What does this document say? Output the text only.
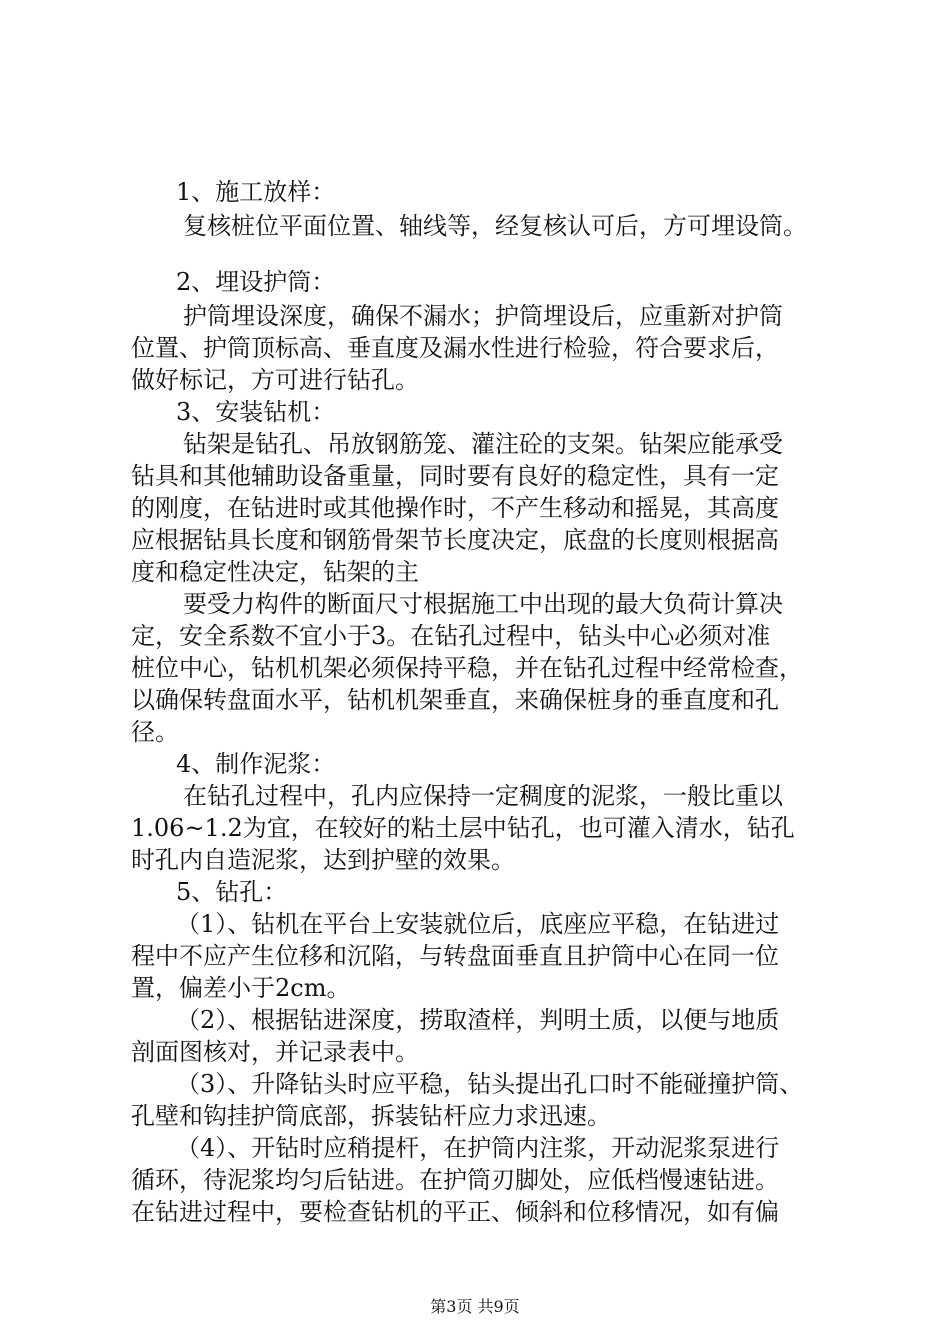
1、施工放样：
复核桩位平面位置、轴线等，经复核认可后，方可埋设筒。
2、埋设护筒：
护筒埋设深度，确保不漏水；护筒埋设后，应重新对护筒
位置、护筒顶标高、垂直度及漏水性进行检验，符合要求后，
做好标记，方可进行钻孔。
3、安装钻机：
钻架是钻孔、吊放钢筋笼、灌注砼的支架。钻架应能承受
钻具和其他辅助设备重量，同时要有良好的稳定性，具有一定
的刚度，在钻进时或其他操作时，不产生移动和摇晃，其高度
应根据钻具长度和钢筋骨架节长度决定，底盘的长度则根据高
度和稳定性决定，钻架的主
要受力构件的断面尺寸根据施工中出现的最大负荷计算决
定，安全系数不宜小于3。在钻孔过程中，钻头中心必须对准
桩位中心，钻机机架必须保持平稳，并在钻孔过程中经常检查，
以确保转盘面水平，钻机机架垂直，来确保桩身的垂直度和孔
径。
4、制作泥浆：
在钻孔过程中，孔内应保持一定稠度的泥浆，一般比重以
1.06~1.2为宜，在较好的粘土层中钻孔，也可灌入清水，钻孔
时孔内自造泥浆，达到护壁的效果。
5、钻孔：
（1）、钻机在平台上安装就位后，底座应平稳，在钻进过
程中不应产生位移和沉陷，与转盘面垂直且护筒中心在同一位
置，偏差小于2cm。
（2）、根据钻进深度，捞取渣样，判明土质，以便与地质
剖面图核对，并记录表中。
（3）、升降钻头时应平稳，钻头提出孔口时不能碰撞护筒、
孔壁和钩挂护筒底部，拆装钻杆应力求迅速。
（4）、开钻时应稍提杆，在护筒内注浆，开动泥浆泵进行
循环，待泥浆均匀后钻进。在护筒刃脚处，应低档慢速钻进。
在钻进过程中，要检查钻机的平正、倾斜和位移情况，如有偏
第3页 共9页
